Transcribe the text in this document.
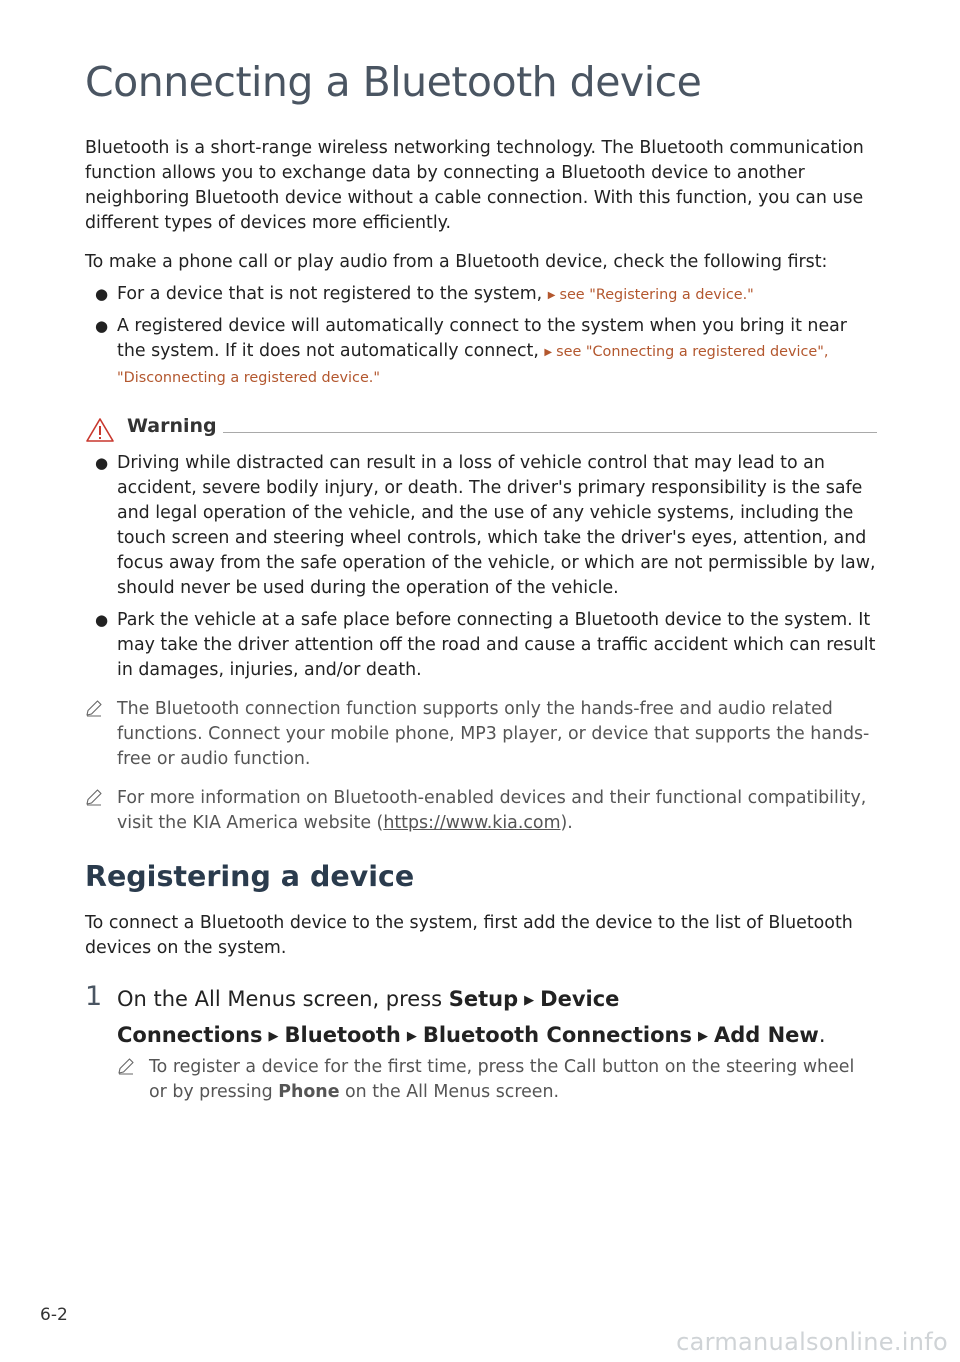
Connecting a Bluetooth device

Bluetooth is a short-range wireless networking technology. The Bluetooth communication function allows you to exchange data by connecting a Bluetooth device to another neighboring Bluetooth device without a cable connection. With this function, you can use different types of devices more efficiently.

To make a phone call or play audio from a Bluetooth device, check the following first:

● For a device that is not registered to the system, ▶ see "Registering a device."
● A registered device will automatically connect to the system when you bring it near the system. If it does not automatically connect, ▶ see "Connecting a registered device", "Disconnecting a registered device."
Warning
● Driving while distracted can result in a loss of vehicle control that may lead to an accident, severe bodily injury, or death. The driver's primary responsibility is the safe and legal operation of the vehicle, and the use of any vehicle systems, including the touch screen and steering wheel controls, which take the driver's eyes, attention, and focus away from the safe operation of the vehicle, or which are not permissible by law, should never be used during the operation of the vehicle.
● Park the vehicle at a safe place before connecting a Bluetooth device to the system. It may take the driver attention off the road and cause a traffic accident which can result in damages, injuries, and/or death.
The Bluetooth connection function supports only the hands-free and audio related functions. Connect your mobile phone, MP3 player, or device that supports the hands-free or audio function.
For more information on Bluetooth-enabled devices and their functional compatibility, visit the KIA America website (https://www.kia.com).
Registering a device

To connect a Bluetooth device to the system, first add the device to the list of Bluetooth devices on the system.

1 On the All Menus screen, press Setup ▶ Device Connections ▶ Bluetooth ▶ Bluetooth Connections ▶ Add New.
To register a device for the first time, press the Call button on the steering wheel or by pressing Phone on the All Menus screen.
6-2
carmanualsonline.info
